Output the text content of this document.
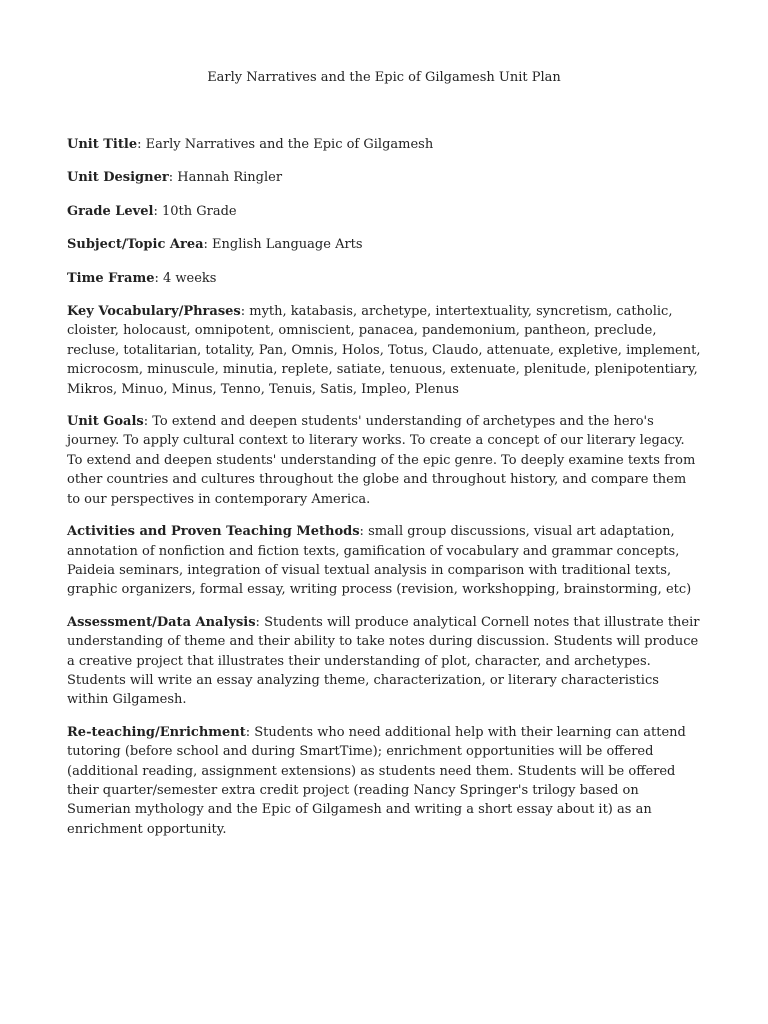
Early Narratives and the Epic of Gilgamesh Unit Plan

Unit Title: Early Narratives and the Epic of Gilgamesh

Unit Designer: Hannah Ringler

Grade Level: 10th Grade

Subject/Topic Area: English Language Arts

Time Frame: 4 weeks

Key Vocabulary/Phrases: myth, katabasis, archetype, intertextuality, syncretism, catholic, cloister, holocaust, omnipotent, omniscient, panacea, pandemonium, pantheon, preclude, recluse, totalitarian, totality, Pan, Omnis, Holos, Totus, Claudo, attenuate, expletive, implement, microcosm, minuscule, minutia, replete, satiate, tenuous, extenuate, plenitude, plenipotentiary, Mikros, Minuo, Minus, Tenno, Tenuis, Satis, Impleo, Plenus

Unit Goals: To extend and deepen students' understanding of archetypes and the hero's journey. To apply cultural context to literary works. To create a concept of our literary legacy. To extend and deepen students' understanding of the epic genre. To deeply examine texts from other countries and cultures throughout the globe and throughout history, and compare them to our perspectives in contemporary America.

Activities and Proven Teaching Methods: small group discussions, visual art adaptation, annotation of nonfiction and fiction texts, gamification of vocabulary and grammar concepts, Paideia seminars, integration of visual textual analysis in comparison with traditional texts, graphic organizers, formal essay, writing process (revision, workshopping, brainstorming, etc)

Assessment/Data Analysis: Students will produce analytical Cornell notes that illustrate their understanding of theme and their ability to take notes during discussion. Students will produce a creative project that illustrates their understanding of plot, character, and archetypes. Students will write an essay analyzing theme, characterization, or literary characteristics within Gilgamesh.

Re-teaching/Enrichment: Students who need additional help with their learning can attend tutoring (before school and during SmartTime); enrichment opportunities will be offered (additional reading, assignment extensions) as students need them. Students will be offered their quarter/semester extra credit project (reading Nancy Springer's trilogy based on Sumerian mythology and the Epic of Gilgamesh and writing a short essay about it) as an enrichment opportunity.
